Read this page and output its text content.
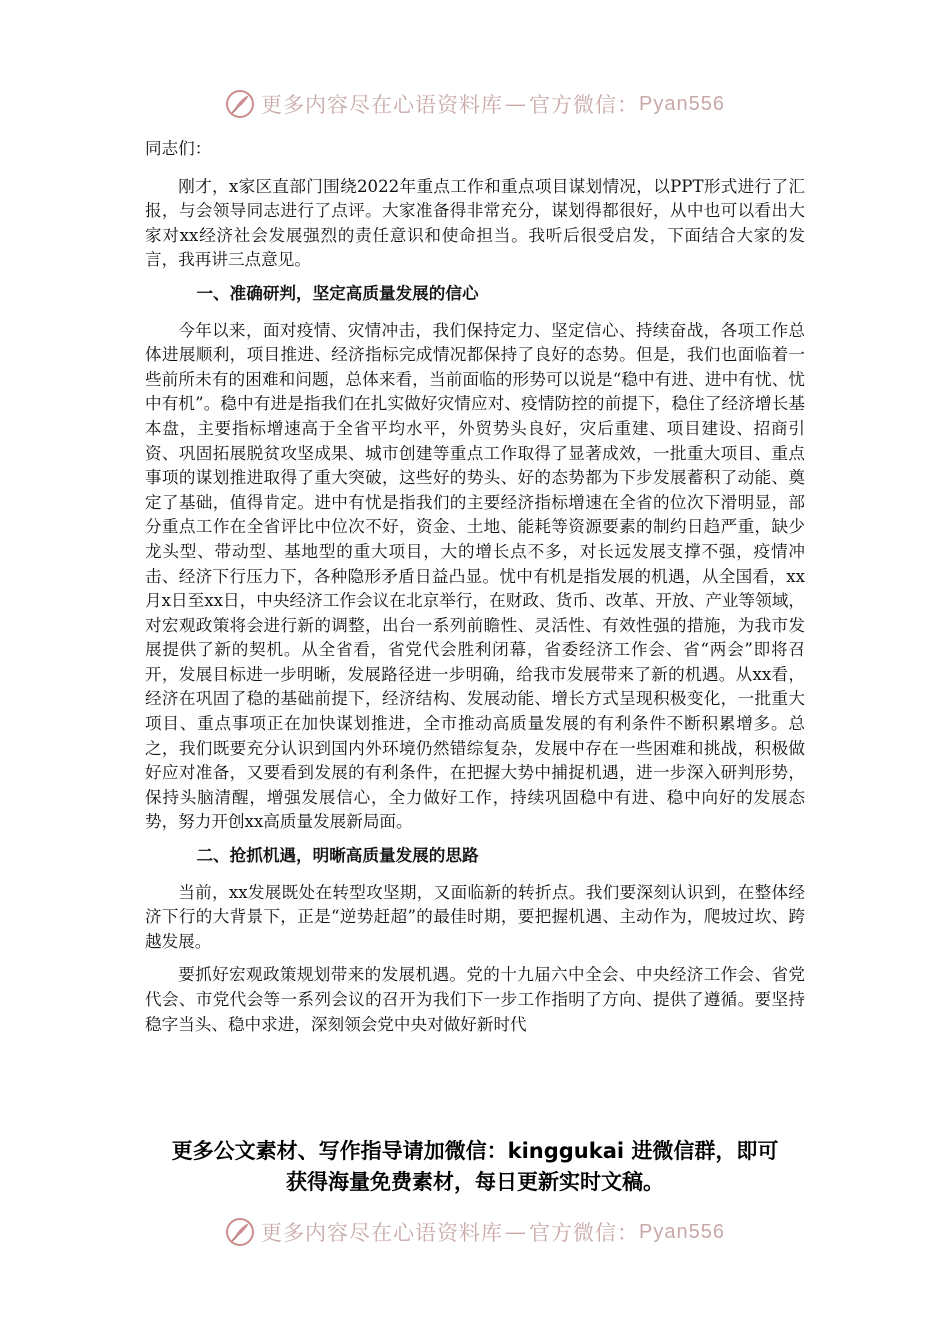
更多内容尽在心语资料库 — 官方微信： Pyan556

同志们：

刚才，x家区直部门围绕2022年重点工作和重点项目谋划情况，以PPT形式进行了汇报，与会领导同志进行了点评。大家准备得非常充分，谋划得都很好，从中也可以看出大家对xx经济社会发展强烈的责任意识和使命担当。我听后很受启发，下面结合大家的发言，我再讲三点意见。

一、准确研判，坚定高质量发展的信心

今年以来，面对疫情、灾情冲击，我们保持定力、坚定信心、持续奋战，各项工作总体进展顺利，项目推进、经济指标完成情况都保持了良好的态势。但是，我们也面临着一些前所未有的困难和问题，总体来看，当前面临的形势可以说是“稳中有进、进中有忧、忧中有机”。稳中有进是指我们在扎实做好灾情应对、疫情防控的前提下，稳住了经济增长基本盘，主要指标增速高于全省平均水平，外贸势头良好，灾后重建、项目建设、招商引资、巩固拓展脱贫攻坚成果、城市创建等重点工作取得了显著成效，一批重大项目、重点事项的谋划推进取得了重大突破，这些好的势头、好的态势都为下步发展蓄积了动能、奠定了基础，值得肯定。进中有忧是指我们的主要经济指标增速在全省的位次下滑明显，部分重点工作在全省评比中位次不好，资金、土地、能耗等资源要素的制约日趋严重，缺少龙头型、带动型、基地型的重大项目，大的增长点不多，对长远发展支撑不强，疫情冲击、经济下行压力下，各种隐形矛盾日益凸显。忧中有机是指发展的机遇，从全国看，xx月x日至xx日，中央经济工作会议在北京举行，在财政、货币、改革、开放、产业等领域，对宏观政策将会进行新的调整，出台一系列前瞻性、灵活性、有效性强的措施，为我市发展提供了新的契机。从全省看，省党代会胜利闭幕，省委经济工作会、省“两会”即将召开，发展目标进一步明晰，发展路径进一步明确，给我市发展带来了新的机遇。从xx看，经济在巩固了稳的基础前提下，经济结构、发展动能、增长方式呈现积极变化，一批重大项目、重点事项正在加快谋划推进，全市推动高质量发展的有利条件不断积累增多。总之，我们既要充分认识到国内外环境仍然错综复杂，发展中存在一些困难和挑战，积极做好应对准备，又要看到发展的有利条件，在把握大势中捕捉机遇，进一步深入研判形势，保持头脑清醒，增强发展信心，全力做好工作，持续巩固稳中有进、稳中向好的发展态势，努力开创xx高质量发展新局面。

二、抢抓机遇，明晰高质量发展的思路

当前，xx发展既处在转型攻坚期，又面临新的转折点。我们要深刻认识到，在整体经济下行的大背景下，正是“逆势赶超”的最佳时期，要把握机遇、主动作为，爬坡过坎、跨越发展。

要抓好宏观政策规划带来的发展机遇。党的十九届六中全会、中央经济工作会、省党代会、市党代会等一系列会议的召开为我们下一步工作指明了方向、提供了遵循。要坚持稳字当头、稳中求进，深刻领会党中央对做好新时代

更多公文素材、写作指导请加微信：kinggukai 进微信群，即可
获得海量免费素材，每日更新实时文稿。
更多内容尽在心语资料库 — 官方微信： Pyan556
